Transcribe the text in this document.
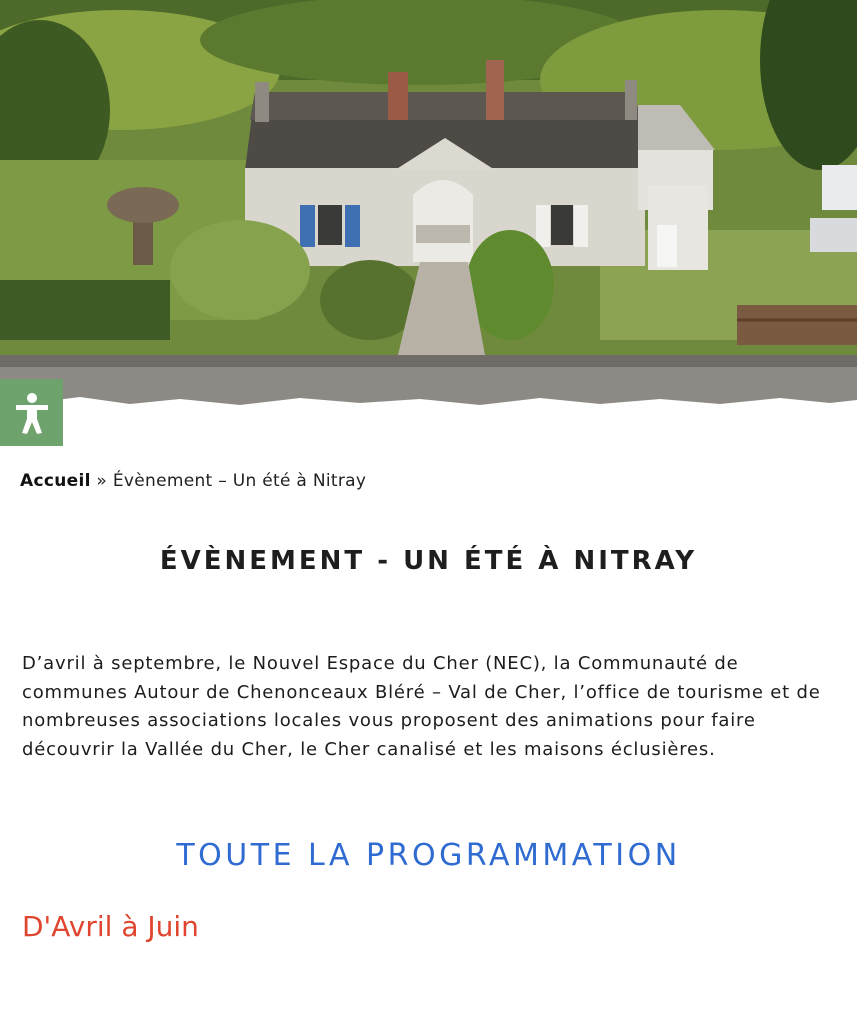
Accueil » Évènement – Un été à Nitray
ÉVÈNEMENT - UN ÉTÉ À NITRAY

D’avril à septembre, le Nouvel Espace du Cher (NEC), la Communauté de communes Autour de Chenonceaux Bléré – Val de Cher, l’office de tourisme et de nombreuses associations locales vous proposent des animations pour faire découvrir la Vallée du Cher, le Cher canalisé et les maisons éclusières.

TOUTE LA PROGRAMMATION

D'Avril à Juin
